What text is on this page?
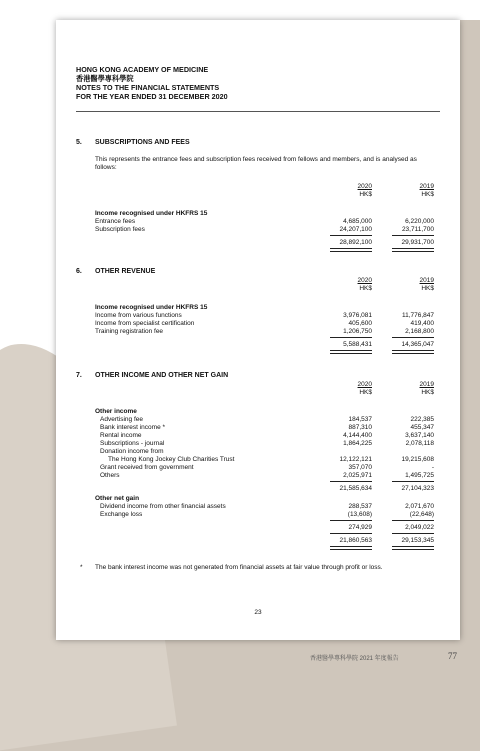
HONG KONG ACADEMY OF MEDICINE
香港醫學專科學院
NOTES TO THE FINANCIAL STATEMENTS
FOR THE YEAR ENDED 31 DECEMBER 2020
5. SUBSCRIPTIONS AND FEES
This represents the entrance fees and subscription fees received from fellows and members, and is analysed as follows:
2020	2019
HK$	HK$
Income recognised under HKFRS 15
Entrance fees	4,685,000	6,220,000
Subscription fees	24,207,100	23,711,700
28,892,100	29,931,700
6. OTHER REVENUE
2020	2019
HK$	HK$
Income recognised under HKFRS 15
Income from various functions	3,976,081	11,776,847
Income from specialist certification	405,600	419,400
Training registration fee	1,206,750	2,168,800
5,588,431	14,365,047
7. OTHER INCOME AND OTHER NET GAIN
2020	2019
HK$	HK$
Other income
Advertising fee	184,537	222,385
Bank interest income *	887,310	455,347
Rental income	4,144,400	3,637,140
Subscriptions - journal	1,864,225	2,078,118
Donation income from
The Hong Kong Jockey Club Charities Trust	12,122,121	19,215,608
Grant received from government	357,070	-
Others	2,025,971	1,495,725
21,585,634	27,104,323
Other net gain
Dividend income from other financial assets	288,537	2,071,670
Exchange loss	(13,608)	(22,648)
274,929	2,049,022
21,860,563	29,153,345
* The bank interest income was not generated from financial assets at fair value through profit or loss.
23
香港醫學專科學院 2021 年度報告	77
